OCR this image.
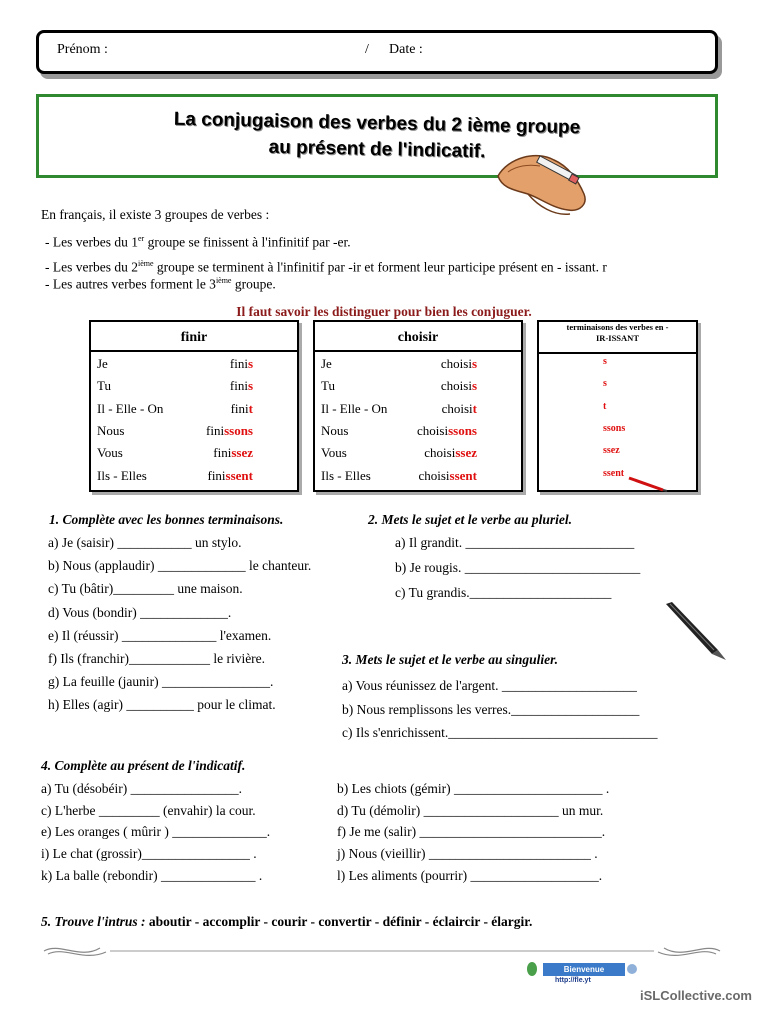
Prénom :	/ Date :
La conjugaison des verbes du 2 ième groupe
au présent de l'indicatif.
En français, il existe 3 groupes de verbes :
- Les verbes du 1er groupe se finissent à l'infinitif par -er.
- Les verbes du 2ième groupe se terminent à l'infinitif par -ir et forment leur participe présent en - issant. r
- Les autres verbes forment le 3ième groupe.
Il faut savoir les distinguer pour bien les conjuguer.
finir
Je	finis
Tu	finis
Il - Elle - On	finit
Nous	finissons
Vous	finissez
Ils - Elles	finissent
choisir
Je	choisis
Tu	choisis
Il - Elle - On	choisit
Nous	choisissons
Vous	choisissez
Ils - Elles	choisissent
terminaisons des verbes en -
IR-ISSANT
s
s
t
ssons
ssez
ssent
1. Complète avec les bonnes terminaisons.
a) Je (saisir) ___________ un stylo.
b) Nous (applaudir) _____________ le chanteur.
c) Tu (bâtir)_________ une maison.
d) Vous (bondir) _____________.
e) Il (réussir) ______________ l'examen.
f) Ils (franchir)____________ le rivière.
g) La feuille (jaunir) ________________.
h) Elles (agir) __________ pour le climat.
2. Mets le sujet et le verbe au pluriel.
a) Il grandit. _________________________
b) Je rougis. __________________________
c) Tu grandis._____________________
3. Mets le sujet et le verbe au singulier.
a) Vous réunissez de l'argent. ____________________
b) Nous remplissons les verres.___________________
c) Ils s'enrichissent._______________________________
4. Complète au présent de l'indicatif.
a) Tu (désobéir) ________________.
c) L'herbe _________ (envahir) la cour.
e) Les oranges ( mûrir ) ______________.
i) Le chat (grossir)________________ .
k) La balle (rebondir) ______________ .
b) Les chiots (gémir) ______________________ .
d) Tu (démolir) ____________________ un mur.
f) Je me (salir) ___________________________.
j) Nous (vieillir) ________________________ .
l) Les aliments (pourrir) ___________________.
5. Trouve l'intrus : aboutir - accomplir - courir - convertir - définir - éclaircir - élargir.
Bienvenue
http://fle.yt
iSLCollective.com
